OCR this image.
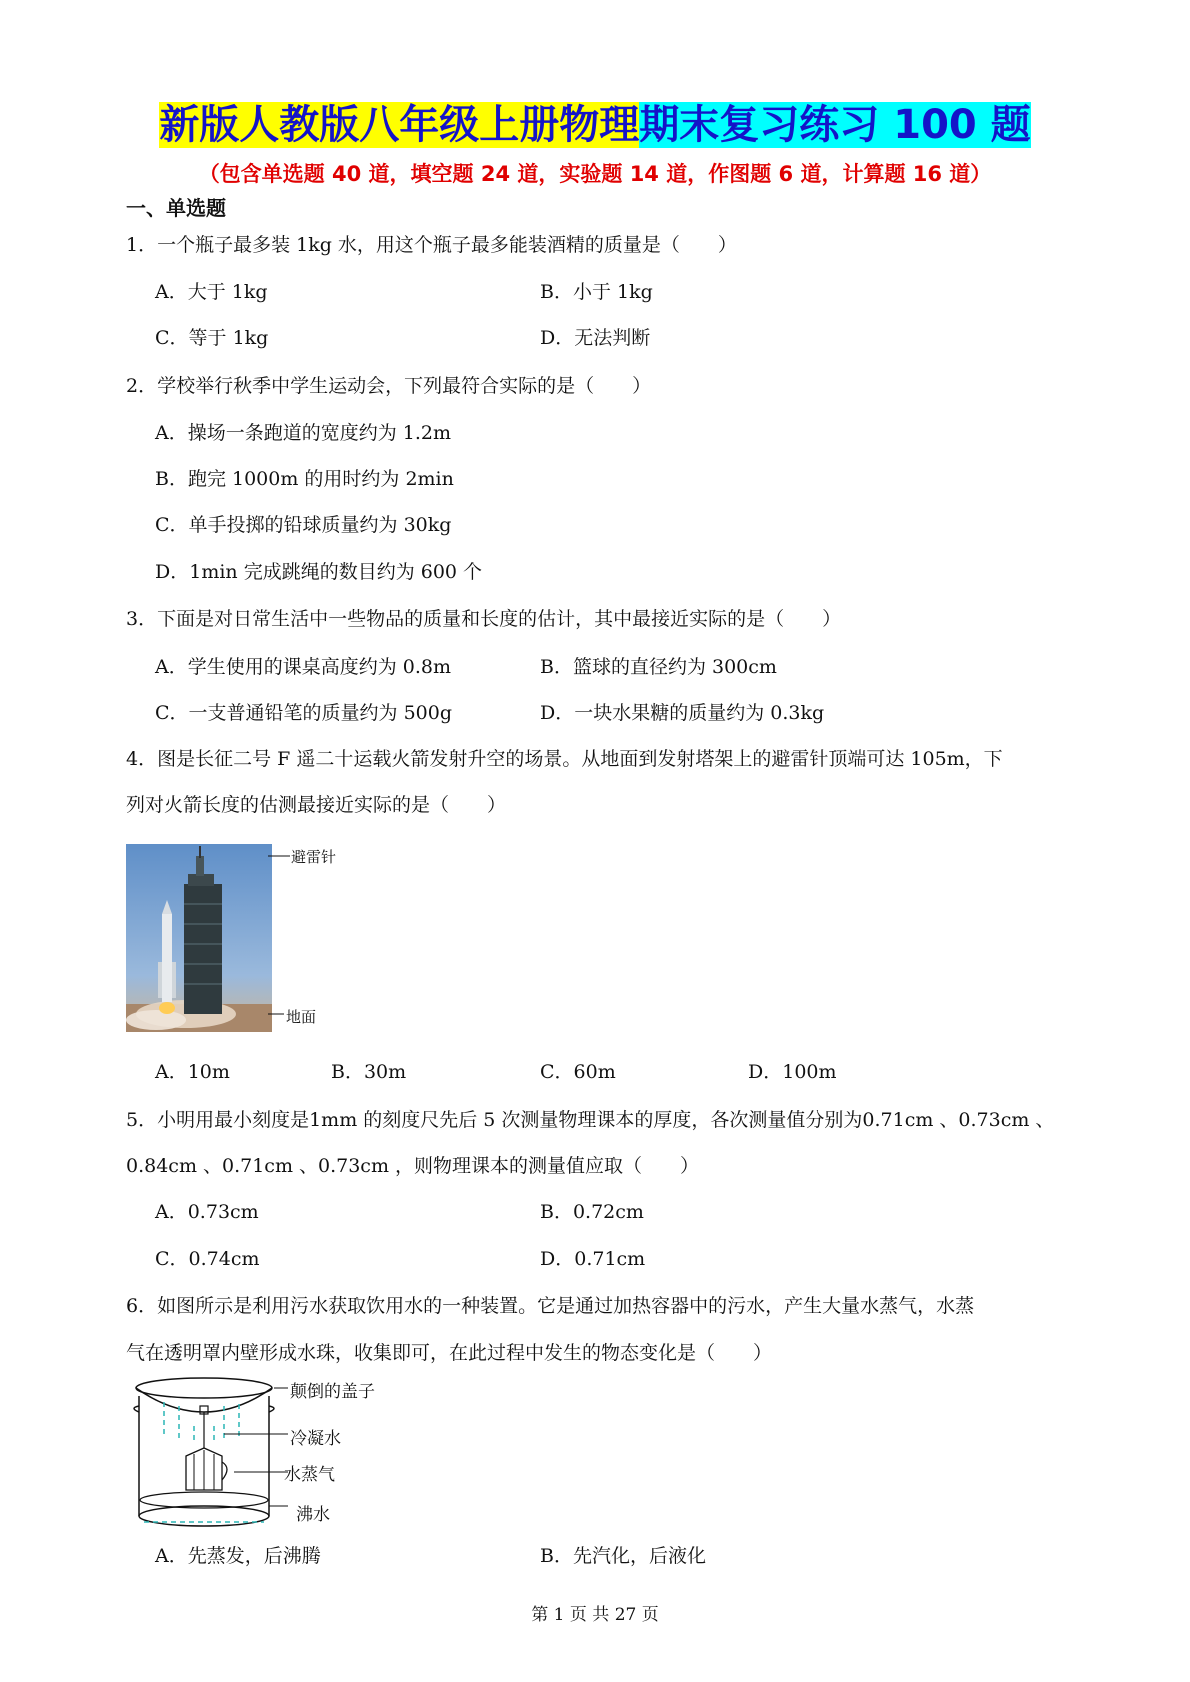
新版人教版八年级上册物理期末复习练习 100 题
（包含单选题 40 道，填空题 24 道，实验题 14 道，作图题 6 道，计算题 16 道）
一、单选题
1．一个瓶子最多装 1kg 水，用这个瓶子最多能装酒精的质量是（　　）
A．大于 1kg	B．小于 1kg
C．等于 1kg	D．无法判断
2．学校举行秋季中学生运动会，下列最符合实际的是（　　）
A．操场一条跑道的宽度约为 1.2m
B．跑完 1000m 的用时约为 2min
C．单手投掷的铅球质量约为 30kg
D．1min 完成跳绳的数目约为 600 个
3．下面是对日常生活中一些物品的质量和长度的估计，其中最接近实际的是（　　）
A．学生使用的课桌高度约为 0.8m	B．篮球的直径约为 300cm
C．一支普通铅笔的质量约为 500g	D．一块水果糖的质量约为 0.3kg
4．图是长征二号 F 遥二十运载火箭发射升空的场景。从地面到发射塔架上的避雷针顶端可达 105m，下
列对火箭长度的估测最接近实际的是（　　）
避雷针
地面
A．10m	B．30m	C．60m	D．100m
5．小明用最小刻度是1mm 的刻度尺先后 5 次测量物理课本的厚度，各次测量值分别为0.71cm 、0.73cm 、
0.84cm 、0.71cm 、0.73cm ，则物理课本的测量值应取（　　）
A．0.73cm	B．0.72cm
C．0.74cm	D．0.71cm
6．如图所示是利用污水获取饮用水的一种装置。它是通过加热容器中的污水，产生大量水蒸气，水蒸
气在透明罩内壁形成水珠，收集即可，在此过程中发生的物态变化是（　　）
颠倒的盖子
冷凝水
水蒸气
沸水
A．先蒸发，后沸腾	B．先汽化，后液化
第 1 页 共 27 页
